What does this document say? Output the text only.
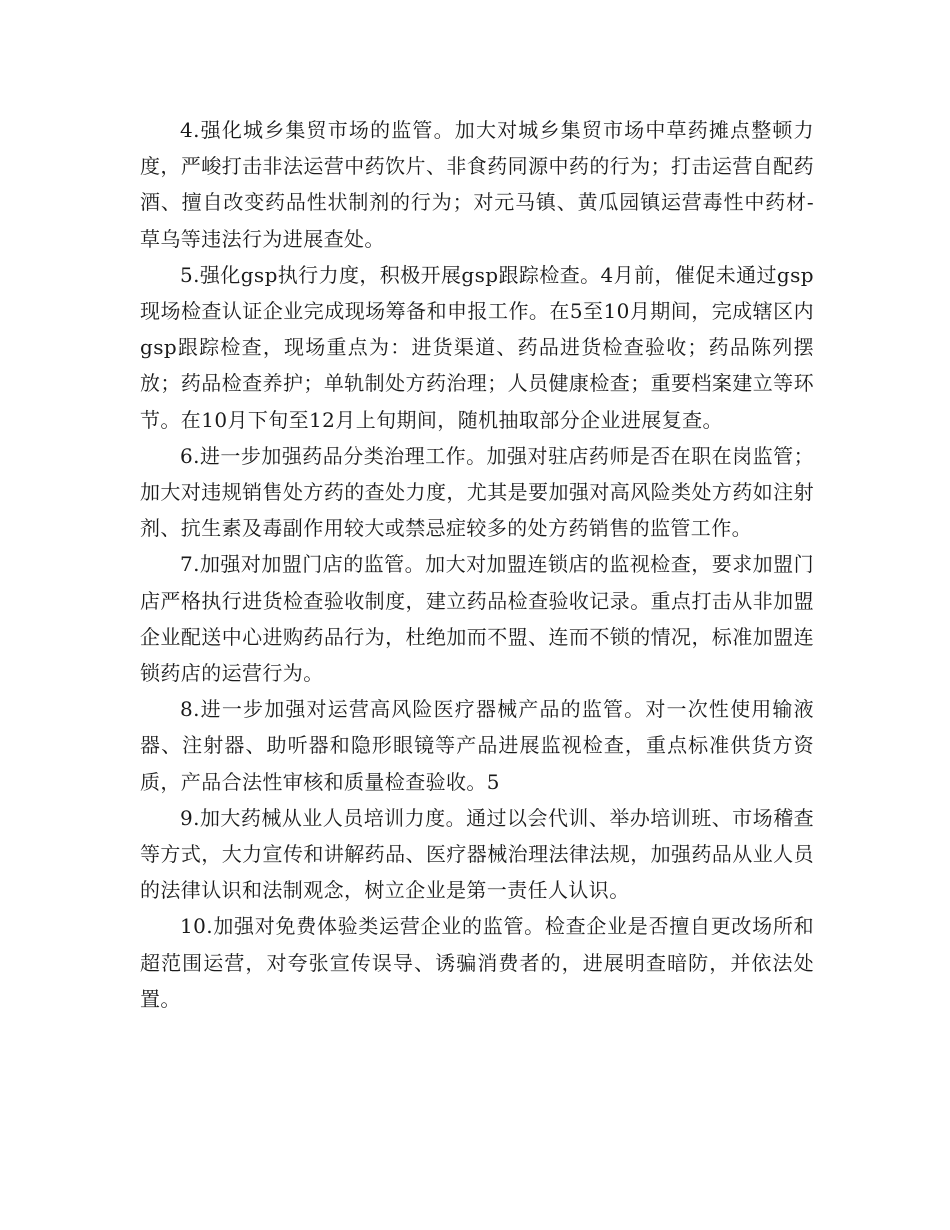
4.强化城乡集贸市场的监管。加大对城乡集贸市场中草药摊点整顿力度，严峻打击非法运营中药饮片、非食药同源中药的行为；打击运营自配药酒、擅自改变药品性状制剂的行为；对元马镇、黄瓜园镇运营毒性中药材-草乌等违法行为进展查处。

5.强化gsp执行力度，积极开展gsp跟踪检查。4月前，催促未通过gsp现场检查认证企业完成现场筹备和申报工作。在5至10月期间，完成辖区内gsp跟踪检查，现场重点为：进货渠道、药品进货检查验收；药品陈列摆放；药品检查养护；单轨制处方药治理；人员健康检查；重要档案建立等环节。在10月下旬至12月上旬期间，随机抽取部分企业进展复查。

6.进一步加强药品分类治理工作。加强对驻店药师是否在职在岗监管；加大对违规销售处方药的查处力度，尤其是要加强对高风险类处方药如注射剂、抗生素及毒副作用较大或禁忌症较多的处方药销售的监管工作。

7.加强对加盟门店的监管。加大对加盟连锁店的监视检查，要求加盟门店严格执行进货检查验收制度，建立药品检查验收记录。重点打击从非加盟企业配送中心进购药品行为，杜绝加而不盟、连而不锁的情况，标准加盟连锁药店的运营行为。

8.进一步加强对运营高风险医疗器械产品的监管。对一次性使用输液器、注射器、助听器和隐形眼镜等产品进展监视检查，重点标准供货方资质，产品合法性审核和质量检查验收。5

9.加大药械从业人员培训力度。通过以会代训、举办培训班、市场稽查等方式，大力宣传和讲解药品、医疗器械治理法律法规，加强药品从业人员的法律认识和法制观念，树立企业是第一责任人认识。

10.加强对免费体验类运营企业的监管。检查企业是否擅自更改场所和超范围运营，对夸张宣传误导、诱骗消费者的，进展明查暗防，并依法处置。
